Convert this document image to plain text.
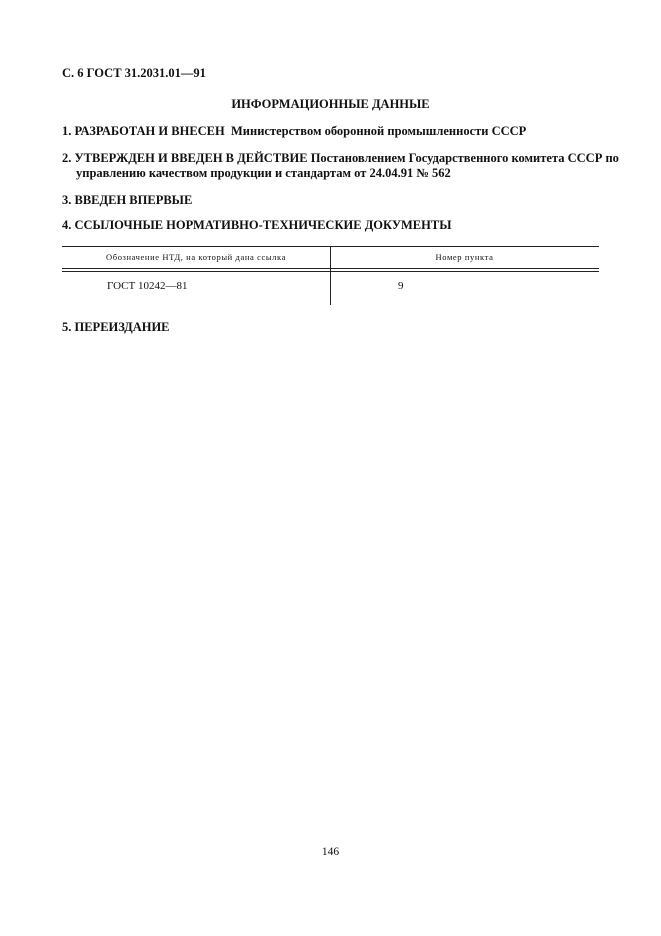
С. 6 ГОСТ 31.2031.01—91
ИНФОРМАЦИОННЫЕ ДАННЫЕ
1. РАЗРАБОТАН И ВНЕСЕН Министерством оборонной промышленности СССР
2. УТВЕРЖДЕН И ВВЕДЕН В ДЕЙСТВИЕ Постановлением Государственного комитета СССР по
управлению качеством продукции и стандартам от 24.04.91 № 562
3. ВВЕДЕН ВПЕРВЫЕ
4. ССЫЛОЧНЫЕ НОРМАТИВНО-ТЕХНИЧЕСКИЕ ДОКУМЕНТЫ
Обозначение НТД, на который дана ссылка	Номер пункта
ГОСТ 10242—81	9
5. ПЕРЕИЗДАНИЕ
146
